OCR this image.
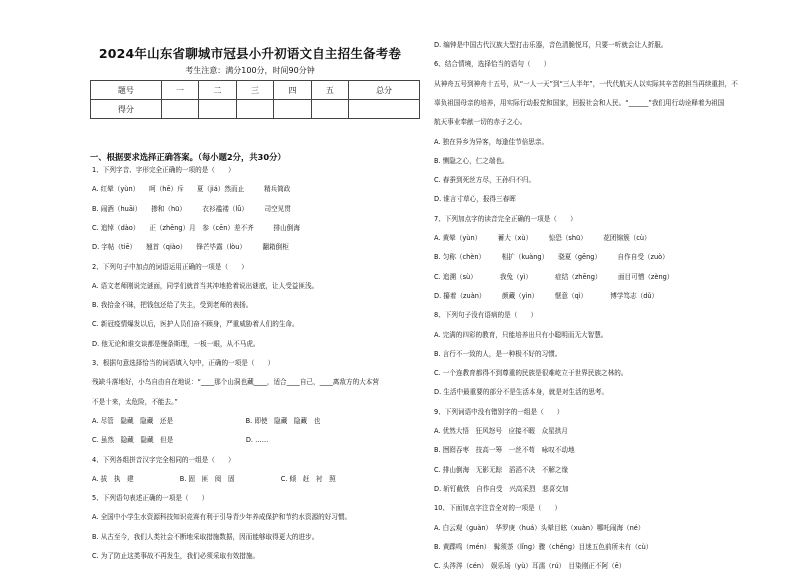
2024年山东省聊城市冠县小升初语文自主招生备考卷
考生注意：满分100分，时间90分钟
题号	一	二	三	四	五	总分
得分						
一、根据要求选择正确答案。（每小题2分，共30分）
1、下列字音、字形完全正确的一项的是（　　）
A. 红晕（yùn）　　呵（hē）斥　　夏（jiá）然而止　　　精兵简政
B. 闹酒（huāi）　　掺和（hū）　　　衣衫褴褛（lǚ）　　　司空见贯
C. 追悼（dào）　　正（zhēng）月　参（cēn）差不齐　　　排山倒海
D. 字帖（tiē）　　翘首（qiào）　　锋芒毕露（lòu）　　　翻箱倒柜
2、下列句子中加点的词语运用正确的一项是（　　）
A. 语文老师刚说完谜面，同学们就首当其冲地抢着说出谜底，让人受益匪浅。
B. 我拾金不昧，把钱包还给了失主，受到老师的表扬。
C. 新冠疫情爆发以后，医护人员们奋不顾身，严重威胁着人们的生命。
D. 他无论和谁交谈都是慢条斯理，一板一眼，从不马虎。
3、根据句意选择恰当的词语填入句中，正确的一项是（　　）
残缺斗落地好，小鸟自由自在地说：“____那个山洞也藏____，适合____自己，____离敌方的大本营
不是十来，太危险，不能去。”
A. 尽管　隐藏　隐藏　还是　　　　　　　　　　　B. 即使　隐藏　隐藏　也
C. 虽然　隐藏　隐藏　但是　　　　　　　　　　　D. ……
4、下列各组拼音汉字完全相同的一组是（　　）
A. 拔　执　建　　　　　　　B. 固　匪　阅　固　　　　　　　C. 倾　赶　衬　照
5、下列语句表述正确的一项是（　　）
A. 全国中小学生水资源科技知识竞赛有利于引导青少年养成保护和节约水资源的好习惯。
B. 从古至今，我们人类社会不断地采取措施数据，因而能够取得更大的进步。
C. 为了防止这类事故不再发生，我们必须采取有效措施。
D. 编钟是中国古代汉族大型打击乐器，音色清脆悦耳，只要一听就会让人折服。
6、结合情境，选择恰当的语句（　　）
从神舟五号到神舟十五号，从“一人一天”到“三人半年”，一代代航天人以实际其辛苦的担当再续重担，不
辜负祖国母亲的培养，用实际行动报党和国家，回报社会和人民。“______”我们用行动诠释着为祖国
航天事业奉献一切的赤子之心。
A. 独在异乡为异客，每逢佳节倍思亲。
B. 恻隐之心，仁之端也。
C. 春蚕到死丝方尽，王孙归不归。
D. 谁言寸草心，报得三春晖
7、下列加点字的读音完全正确的一项是（　　）
A. 黄晕（yùn）　　　蓄大（xù）　　　惊恐（shū）　　　花团锦簇（cù）
B. 匀称（chèn）　　　相扩（kuàng）　　骁夏（gēng）　　　自作自受（zuò）
C. 追溯（sù）　　　　我兔（yì）　　　　症结（zhēng）　　　面目可憎（zèng）
D. 攥着（zuàn）　　　颜藏（yìn）　　　惬意（qì）　　　　博学笃志（dǔ）
8、下列句子没有语病的是（　　）
A. 完满的四彩的教育，只能培养出只有小聪明而无大智慧。
B. 言行不一致的人，是一种极不好的习惯。
C. 一个连教育都得不到尊重的民族是很难屹立于世界民族之林的。
D. 生活中最重要的部分不是生活本身，就是对生活的思考。
9、下列词语中没有错别字的一组是（　　）
A. 优然大悟　狂风怒号　应接不暇　众星拱月
B. 囫囵吞枣　技高一筹　一丝不苟　咏叹不动地
C. 排山倒海　无影无踪　滔滔不决　不解之缘
D. 斩钉截铁　自作自受　兴高采烈　悲喜交加
10、下面加点字注音全对的一项是（　　）
A. 白云观（guàn）　华罗庚（huá）头晕目眩（xuàn）哪吒闹海（né）
B. 黄蹀鸣（mén）　髯须荼（lǐng）骤（chěng）目迷五色前所未有（cù）
C. 头涔涔（cén）　娱乐场（yù）耳濡（rú）　目染刚正不阿（ē）
